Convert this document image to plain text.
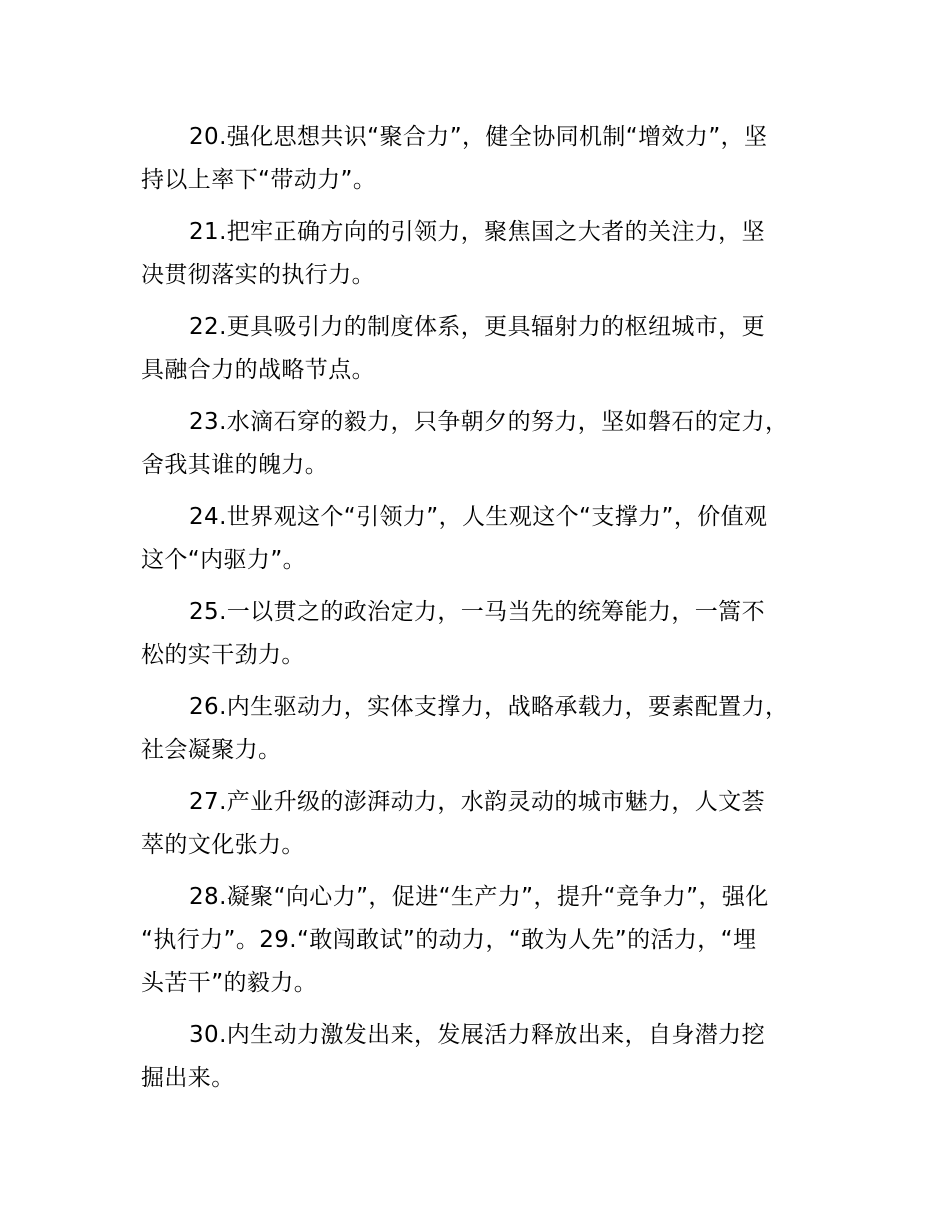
20.强化思想共识“聚合力”，健全协同机制“增效力”，坚
持以上率下“带动力”。

21.把牢正确方向的引领力，聚焦国之大者的关注力，坚
决贯彻落实的执行力。

22.更具吸引力的制度体系，更具辐射力的枢纽城市，更
具融合力的战略节点。

23.水滴石穿的毅力，只争朝夕的努力，坚如磐石的定力，
舍我其谁的魄力。

24.世界观这个“引领力”，人生观这个“支撑力”，价值观
这个“内驱力”。

25.一以贯之的政治定力，一马当先的统筹能力，一篙不
松的实干劲力。

26.内生驱动力，实体支撑力，战略承载力，要素配置力，
社会凝聚力。

27.产业升级的澎湃动力，水韵灵动的城市魅力，人文荟
萃的文化张力。

28.凝聚“向心力”，促进“生产力”，提升“竞争力”，强化
“执行力”。29.“敢闯敢试”的动力，“敢为人先”的活力，“埋
头苦干”的毅力。

30.内生动力激发出来，发展活力释放出来，自身潜力挖
掘出来。
